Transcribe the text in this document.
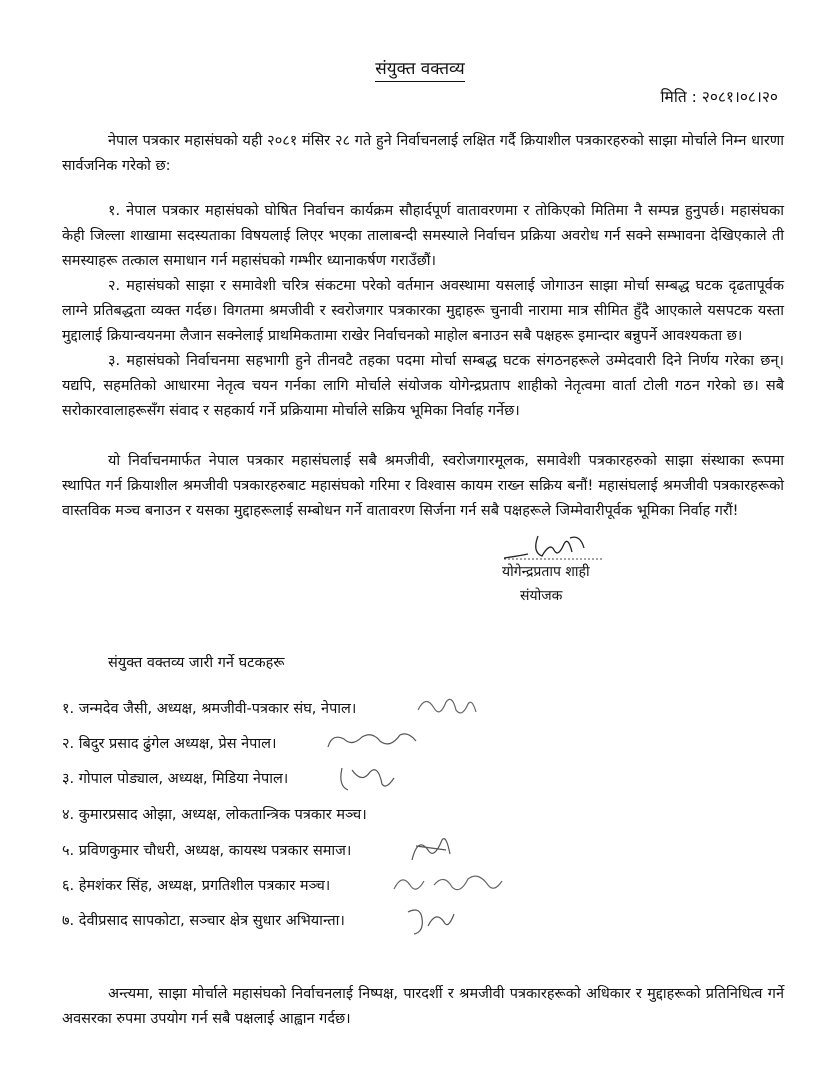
संयुक्त वक्तव्य
मिति : २०८१।०८।२०

नेपाल पत्रकार महासंघको यही २०८१ मंसिर २८ गते हुने निर्वाचनलाई लक्षित गर्दै क्रियाशील पत्रकारहरुको साझा मोर्चाले निम्न धारणा सार्वजनिक गरेको छ:

१. नेपाल पत्रकार महासंघको घोषित निर्वाचन कार्यक्रम सौहार्दपूर्ण वातावरणमा र तोकिएको मितिमा नै सम्पन्न हुनुपर्छ। महासंघका केही जिल्ला शाखामा सदस्यताका विषयलाई लिएर भएका तालाबन्दी समस्याले निर्वाचन प्रक्रिया अवरोध गर्न सक्ने सम्भावना देखिएकाले ती समस्याहरू तत्काल समाधान गर्न महासंघको गम्भीर ध्यानाकर्षण गराउँछौं।

२. महासंघको साझा र समावेशी चरित्र संकटमा परेको वर्तमान अवस्थामा यसलाई जोगाउन साझा मोर्चा सम्बद्ध घटक दृढतापूर्वक लाग्ने प्रतिबद्धता व्यक्त गर्दछ। विगतमा श्रमजीवी र स्वरोजगार पत्रकारका मुद्दाहरू चुनावी नारामा मात्र सीमित हुँदै आएकाले यसपटक यस्ता मुद्दालाई क्रियान्वयनमा लैजान सक्नेलाई प्राथमिकतामा राखेर निर्वाचनको माहोल बनाउन सबै पक्षहरू इमान्दार बन्नुपर्ने आवश्यकता छ।

३. महासंघको निर्वाचनमा सहभागी हुने तीनवटै तहका पदमा मोर्चा सम्बद्ध घटक संगठनहरूले उम्मेदवारी दिने निर्णय गरेका छन्। यद्यपि, सहमतिको आधारमा नेतृत्व चयन गर्नका लागि मोर्चाले संयोजक योगेन्द्रप्रताप शाहीको नेतृत्वमा वार्ता टोली गठन गरेको छ। सबै सरोकारवालाहरूसँग संवाद र सहकार्य गर्ने प्रक्रियामा मोर्चाले सक्रिय भूमिका निर्वाह गर्नेछ।

यो निर्वाचनमार्फत नेपाल पत्रकार महासंघलाई सबै श्रमजीवी, स्वरोजगारमूलक, समावेशी पत्रकारहरुको साझा संस्थाका रूपमा स्थापित गर्न क्रियाशील श्रमजीवी पत्रकारहरुबाट महासंघको गरिमा र विश्वास कायम राख्न सक्रिय बनौं! महासंघलाई श्रमजीवी पत्रकारहरूको वास्तविक मञ्च बनाउन र यसका मुद्दाहरूलाई सम्बोधन गर्ने वातावरण सिर्जना गर्न सबै पक्षहरूले जिम्मेवारीपूर्वक भूमिका निर्वाह गरौं!

योगेन्द्रप्रताप शाही
संयोजक
संयुक्त वक्तव्य जारी गर्ने घटकहरू
१. जन्मदेव जैसी, अध्यक्ष, श्रमजीवी-पत्रकार संघ, नेपाल।
२. बिदुर प्रसाद ढुंगेल अध्यक्ष, प्रेस नेपाल।
३. गोपाल पोड्याल, अध्यक्ष, मिडिया नेपाल।
४. कुमारप्रसाद ओझा, अध्यक्ष, लोकतान्त्रिक पत्रकार मञ्च।
५. प्रविणकुमार चौधरी, अध्यक्ष, कायस्थ पत्रकार समाज।
६. हेमशंकर सिंह, अध्यक्ष, प्रगतिशील पत्रकार मञ्च।
७. देवीप्रसाद सापकोटा, सञ्चार क्षेत्र सुधार अभियान्ता।

अन्त्यमा, साझा मोर्चाले महासंघको निर्वाचनलाई निष्पक्ष, पारदर्शी र श्रमजीवी पत्रकारहरूको अधिकार र मुद्दाहरूको प्रतिनिधित्व गर्ने अवसरका रुपमा उपयोग गर्न सबै पक्षलाई आह्वान गर्दछ।
